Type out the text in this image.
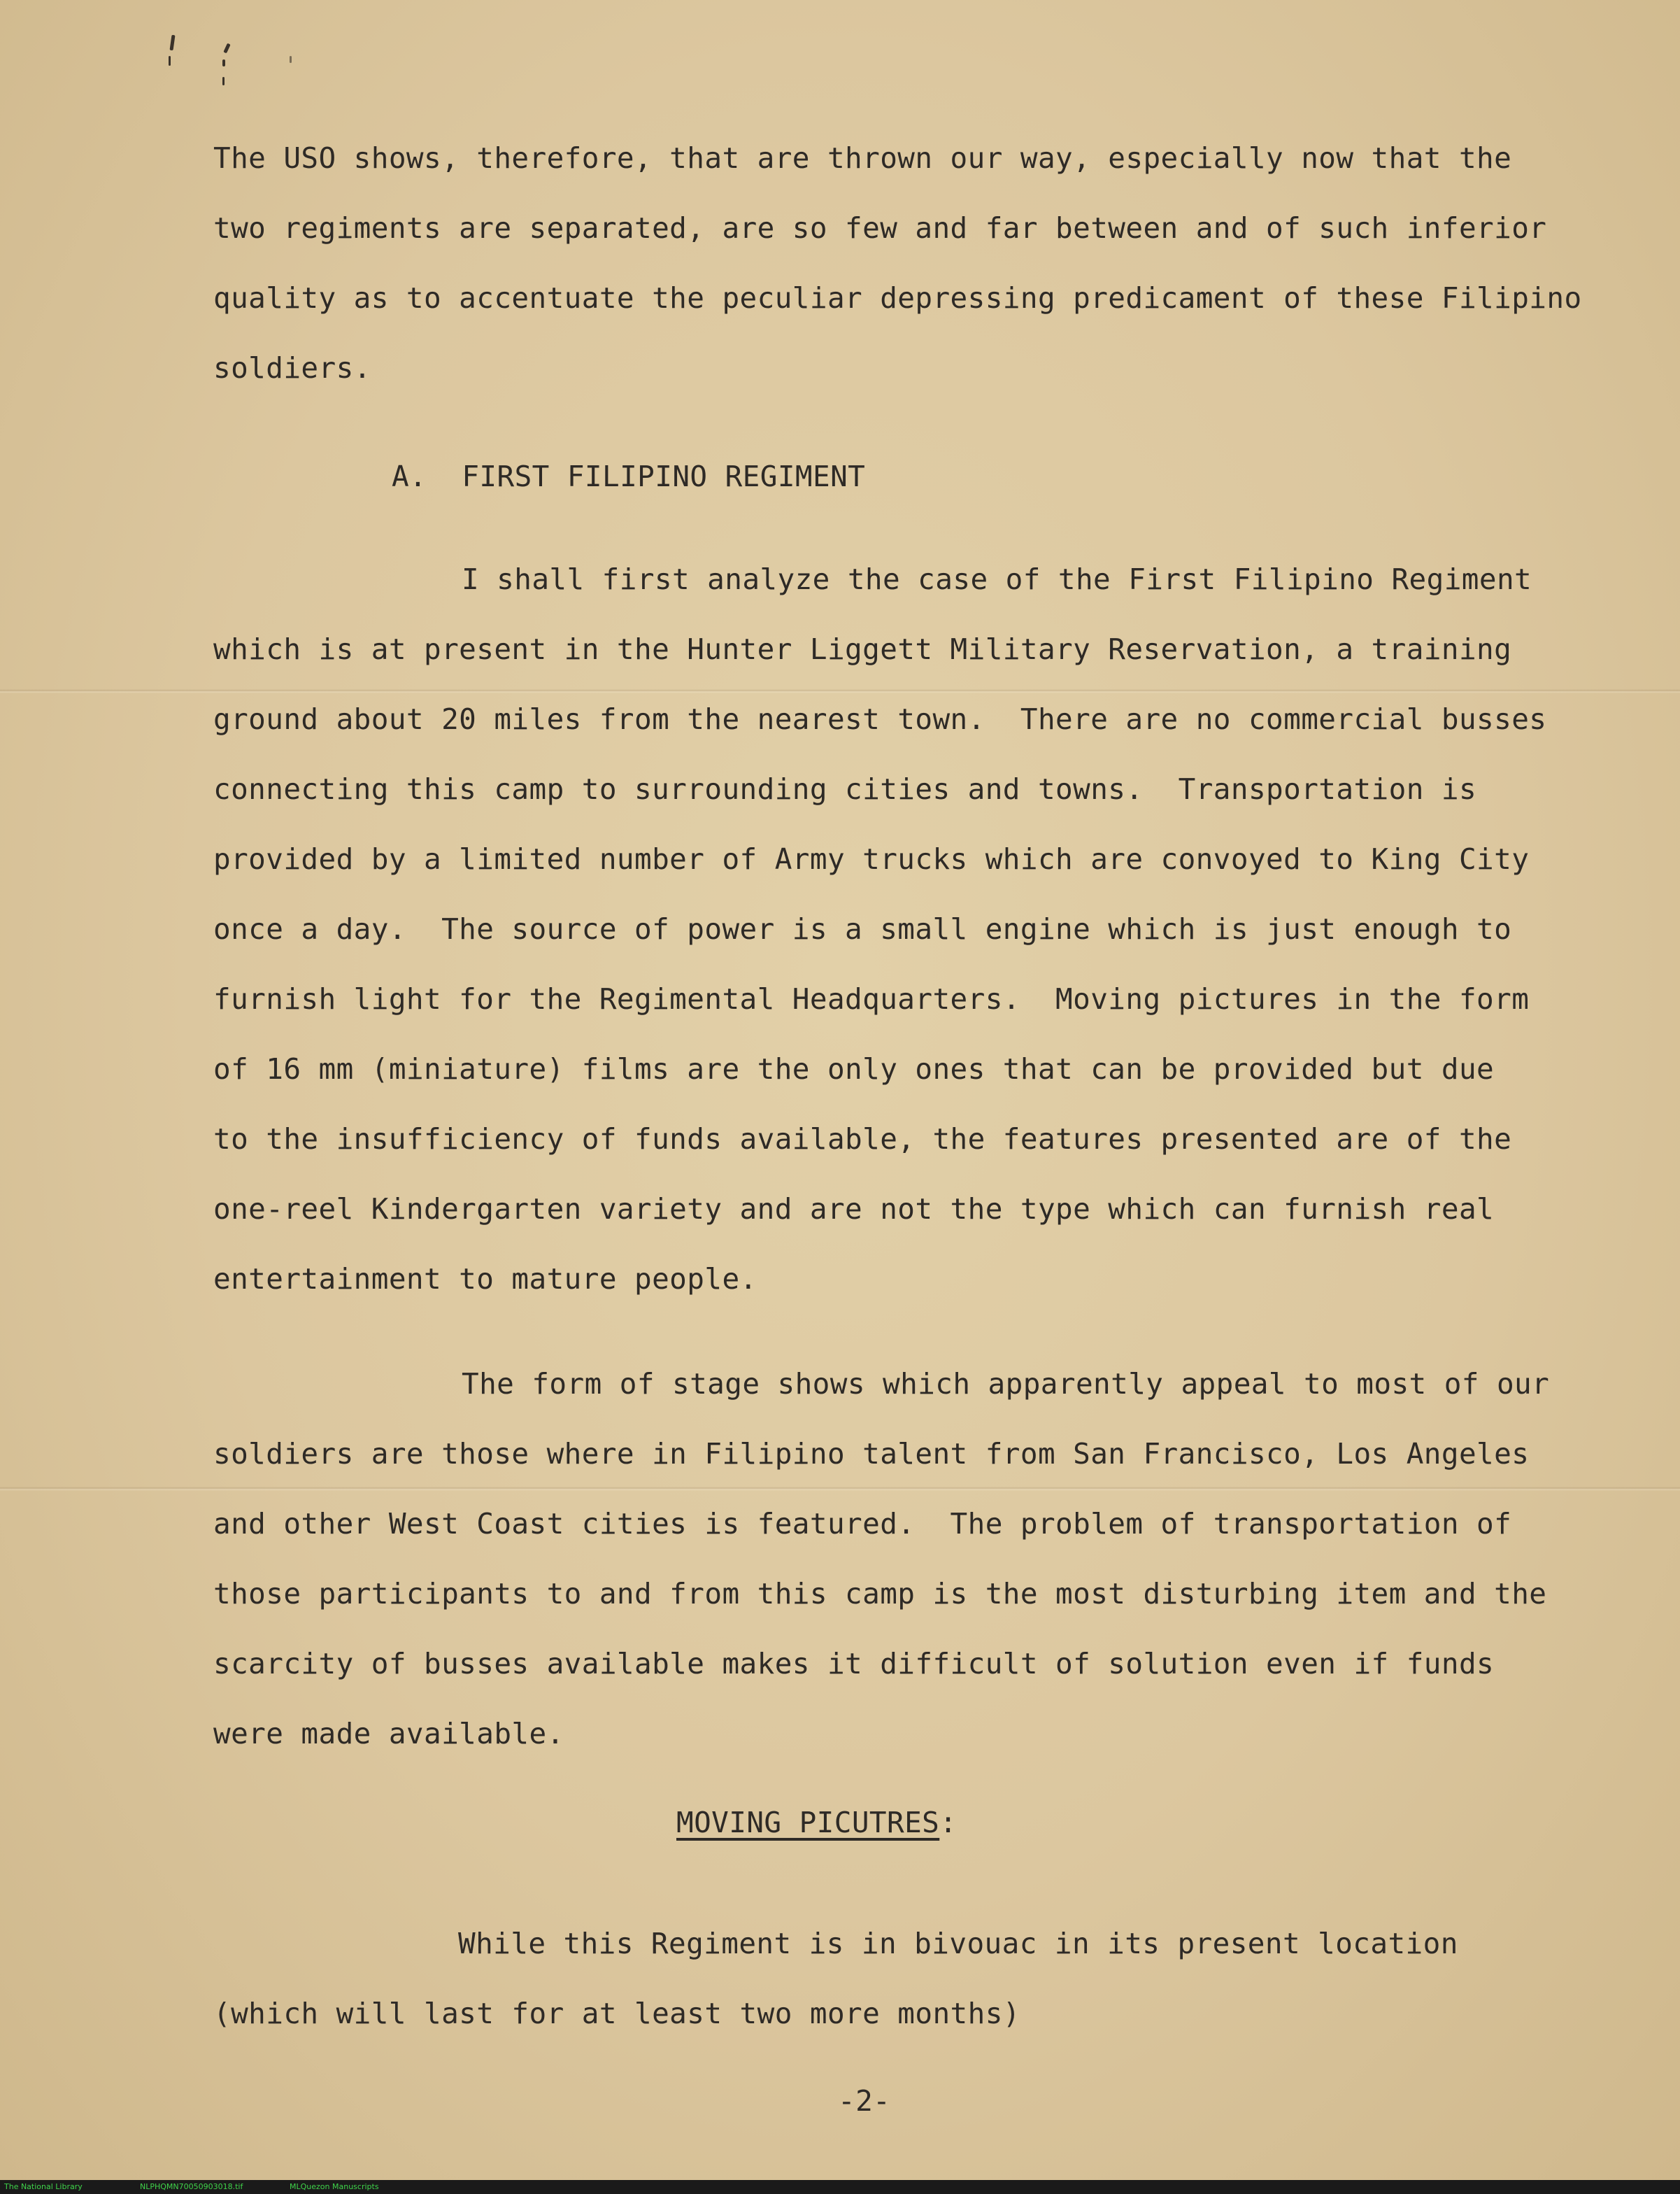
The USO shows, therefore, that are thrown our way, especially now that the
two regiments are separated, are so few and far between and of such inferior
quality as to accentuate the peculiar depressing predicament of these Filipino
soldiers.
A.  FIRST FILIPINO REGIMENT
I shall first analyze the case of the First Filipino Regiment
which is at present in the Hunter Liggett Military Reservation, a training
ground about 20 miles from the nearest town.  There are no commercial busses
connecting this camp to surrounding cities and towns.  Transportation is
provided by a limited number of Army trucks which are convoyed to King City
once a day.  The source of power is a small engine which is just enough to
furnish light for the Regimental Headquarters.  Moving pictures in the form
of 16 mm (miniature) films are the only ones that can be provided but due
to the insufficiency of funds available, the features presented are of the
one-reel Kindergarten variety and are not the type which can furnish real
entertainment to mature people.
The form of stage shows which apparently appeal to most of our
soldiers are those where in Filipino talent from San Francisco, Los Angeles
and other West Coast cities is featured.  The problem of transportation of
those participants to and from this camp is the most disturbing item and the
scarcity of busses available makes it difficult of solution even if funds
were made available.
MOVING PICUTRES:
While this Regiment is in bivouac in its present location
(which will last for at least two more months)
-2-
The National Library	NLPHQMN70050903018.tif	MLQuezon Manuscripts
